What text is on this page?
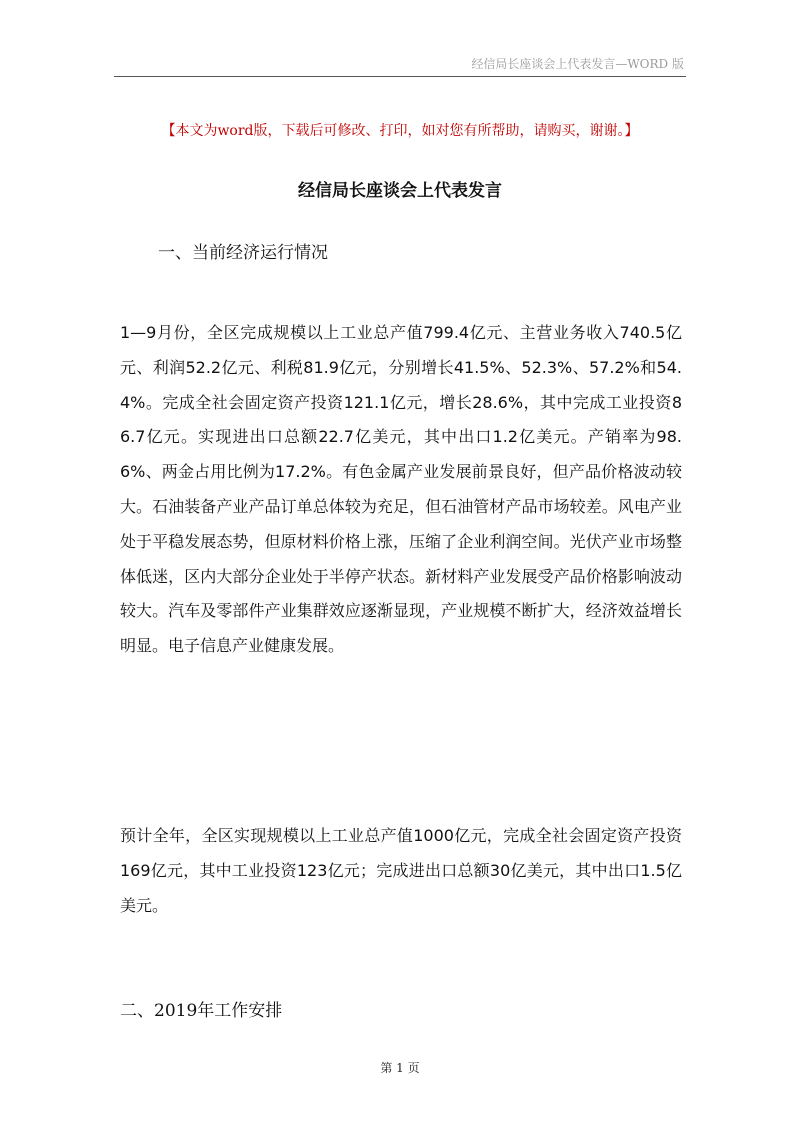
经信局长座谈会上代表发言—WORD 版
【本文为word版，下载后可修改、打印，如对您有所帮助，请购买，谢谢。】
经信局长座谈会上代表发言
一、当前经济运行情况
1—9月份，全区完成规模以上工业总产值799.4亿元、主营业务收入740.5亿元、利润52.2亿元、利税81.9亿元，分别增长41.5%、52.3%、57.2%和54.4%。完成全社会固定资产投资121.1亿元，增长28.6%，其中完成工业投资86.7亿元。实现进出口总额22.7亿美元，其中出口1.2亿美元。产销率为98.6%、两金占用比例为17.2%。有色金属产业发展前景良好，但产品价格波动较大。石油装备产业产品订单总体较为充足，但石油管材产品市场较差。风电产业处于平稳发展态势，但原材料价格上涨，压缩了企业利润空间。光伏产业市场整体低迷，区内大部分企业处于半停产状态。新材料产业发展受产品价格影响波动较大。汽车及零部件产业集群效应逐渐显现，产业规模不断扩大，经济效益增长明显。电子信息产业健康发展。
预计全年，全区实现规模以上工业总产值1000亿元，完成全社会固定资产投资169亿元，其中工业投资123亿元；完成进出口总额30亿美元，其中出口1.5亿美元。
二、2019年工作安排
第 1 页
